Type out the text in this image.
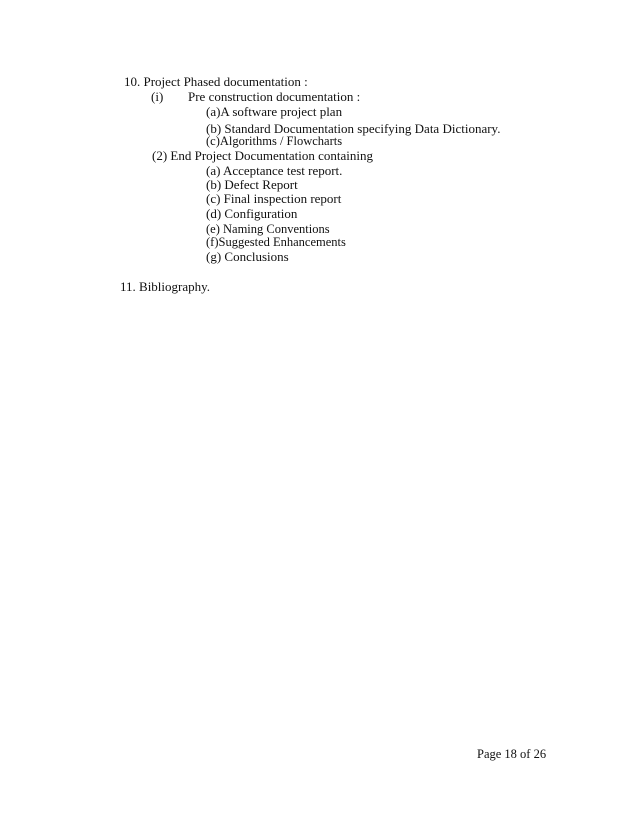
10. Project Phased documentation :
(i) Pre construction documentation :
(a)A software project plan
(b) Standard Documentation specifying Data Dictionary.
(c)Algorithms / Flowcharts
(2) End Project Documentation containing
(a) Acceptance test report.
(b) Defect Report
(c) Final inspection report
(d) Configuration
(e) Naming Conventions
(f)Suggested Enhancements
(g) Conclusions
11. Bibliography.
Page 18 of 26
